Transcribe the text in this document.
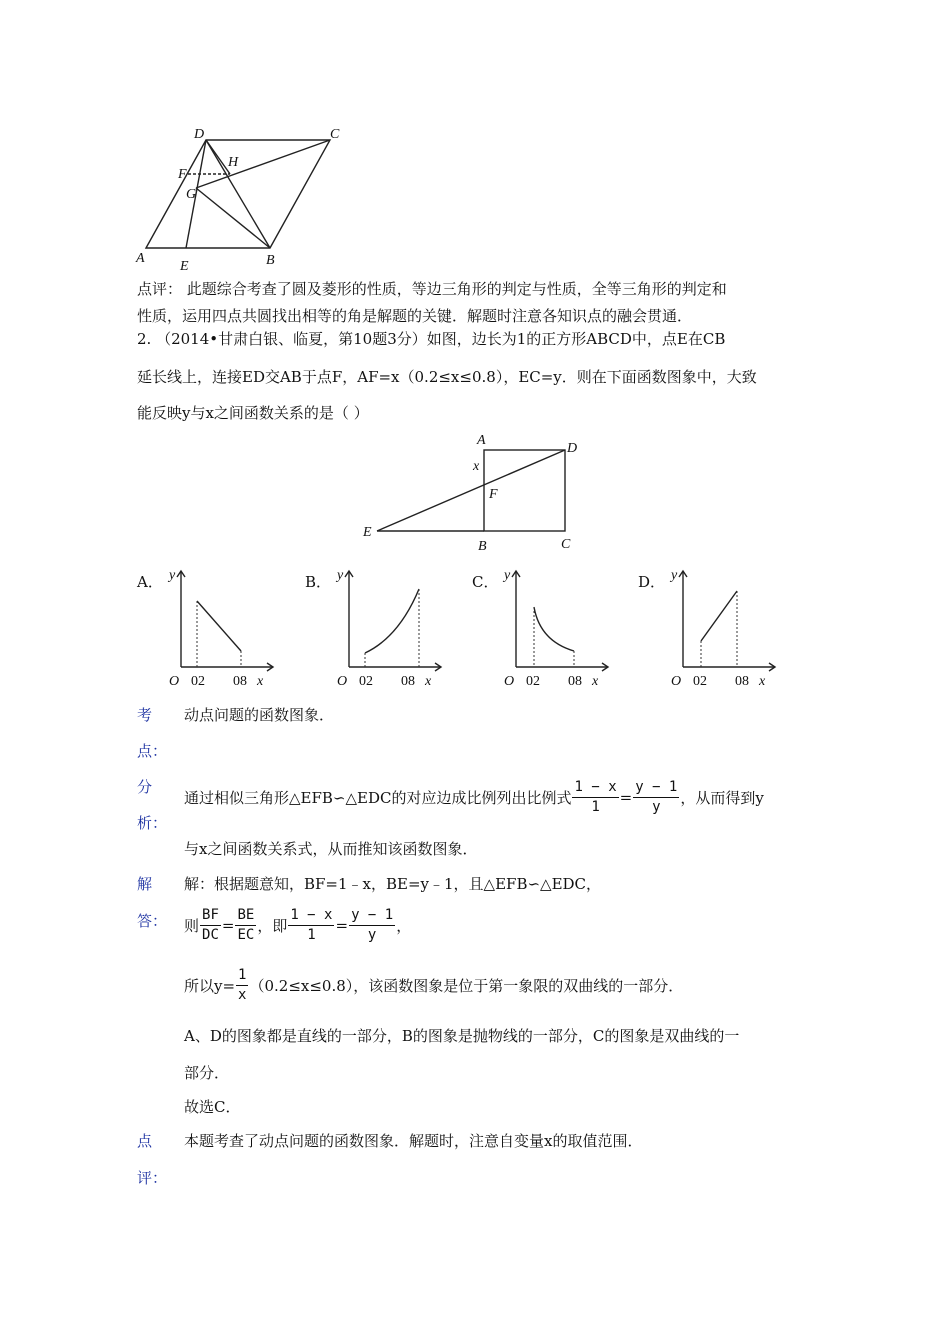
D	C
F
H
G
A
E	B
点评： 此题综合考查了圆及菱形的性质，等边三角形的判定与性质，全等三角形的判定和
性质，运用四点共圆找出相等的角是解题的关键．解题时注意各知识点的融会贯通．
2. （2014•甘肃白银、临夏，第10题3分）如图，边长为1的正方形ABCD中，点E在CB
延长线上，连接ED交AB于点F，AF=x（0.2≤x≤0.8），EC=y．则在下面函数图象中，大致
能反映y与x之间函数关系的是（ ）
A
D
x
F
E
B	C
A．	B．	C．	D．
y
O 02 08 x
y
O 02 08 x
y
O 02 08 x
y
O 02 08 x
考
点：
动点问题的函数图象．
分
析：
通过相似三角形△EFB∽△EDC的对应边成比例列出比例式 $\frac{1 - x}{1} = \frac{y - 1}{y}$ ，从而得到y
与x之间函数关系式，从而推知该函数图象．
解
答：
解：根据题意知，BF=1﹣x，BE=y﹣1，且△EFB∽△EDC，
则 $\frac{BF}{DC} = \frac{BE}{EC}$ ，即 $\frac{1 - x}{1} = \frac{y - 1}{y}$ ，
所以$y= \frac{1}{x} (0.2\le x\le 0.8)$，该函数图象是位于第一象限的双曲线的一部分．
A、D的图象都是直线的一部分，B的图象是抛物线的一部分，C的图象是双曲线的一
部分．
故选C．
点
评：
本题考查了动点问题的函数图象．解题时，注意自变量x的取值范围．
